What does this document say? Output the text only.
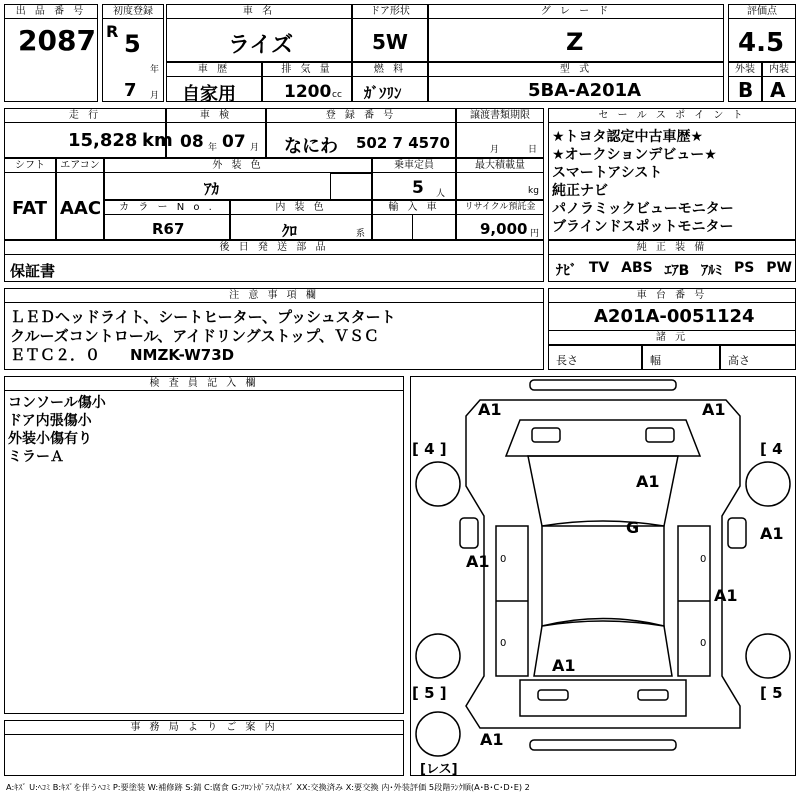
出 品 番 号
2087
初度登録
R 5
年
7 月
車 名
ライズ
ドア形状
5W
グ レ ー ド
Z
評価点
4.5
車 歴
自家用
排 気 量
1200 cc
燃 料
ｶﾞｿﾘﾝ
型 式
5BA-A201A
外装
B
内装
A
走 行
15,828 km
車 検
08 年 07 月
登 録 番 号
なにわ 502 7 4570
譲渡書類期限
月	日
セ ー ル ス ポ イ ン ト
★トヨタ認定中古車歴★
★オークションデビュー★
スマートアシスト
純正ナビ
パノラミックビューモニター
ブラインドスポットモニター
シフト
FAT
エアコン
AAC
外 装 色
ｱｶ
乗車定員
5 人
最大積載量
kg
カ ラ ー N o .
R67
内 装 色
ｸﾛ	系
輸 入 車	リサイクル預託金
9,000 円
後 日 発 送 部 品
保証書
純 正 装 備
ﾅﾋﾞ TV ABS ｴｱB ｱﾙﾐ PS PW
注 意 事 項 欄
ＬＥＤヘッドライト、シートヒーター、プッシュスタート
クルーズコントロール、アイドリングストップ、ＶＳＣ
ＥＴＣ２．０　　NMZK-W73D
車 台 番 号
A201A-0051124
諸 元
長さ	幅	高さ
検 査 員 記 入 欄
コンソール傷小
ドア内張傷小
外装小傷有り
ミラーＡ
事 務 局 よ り ご 案 内
0	0
0	0
A1	A1
A1
G	A1
A1
A1
A1
A1
[ 4 ]	[ 4
[ 5 ]	[ 5
[レス]
A:ｷｽﾞ U:ﾍｺﾐ B:ｷｽﾞを伴うﾍｺﾐ P:要塗装 W:補修跡 S:錆 C:腐食 G:ﾌﾛﾝﾄｶﾞﾗｽ点ｷｽﾞ XX:交換済み X:要交換 内･外装評価 5段階ﾗﾝｸ順(A･B･C･D･E) 2
